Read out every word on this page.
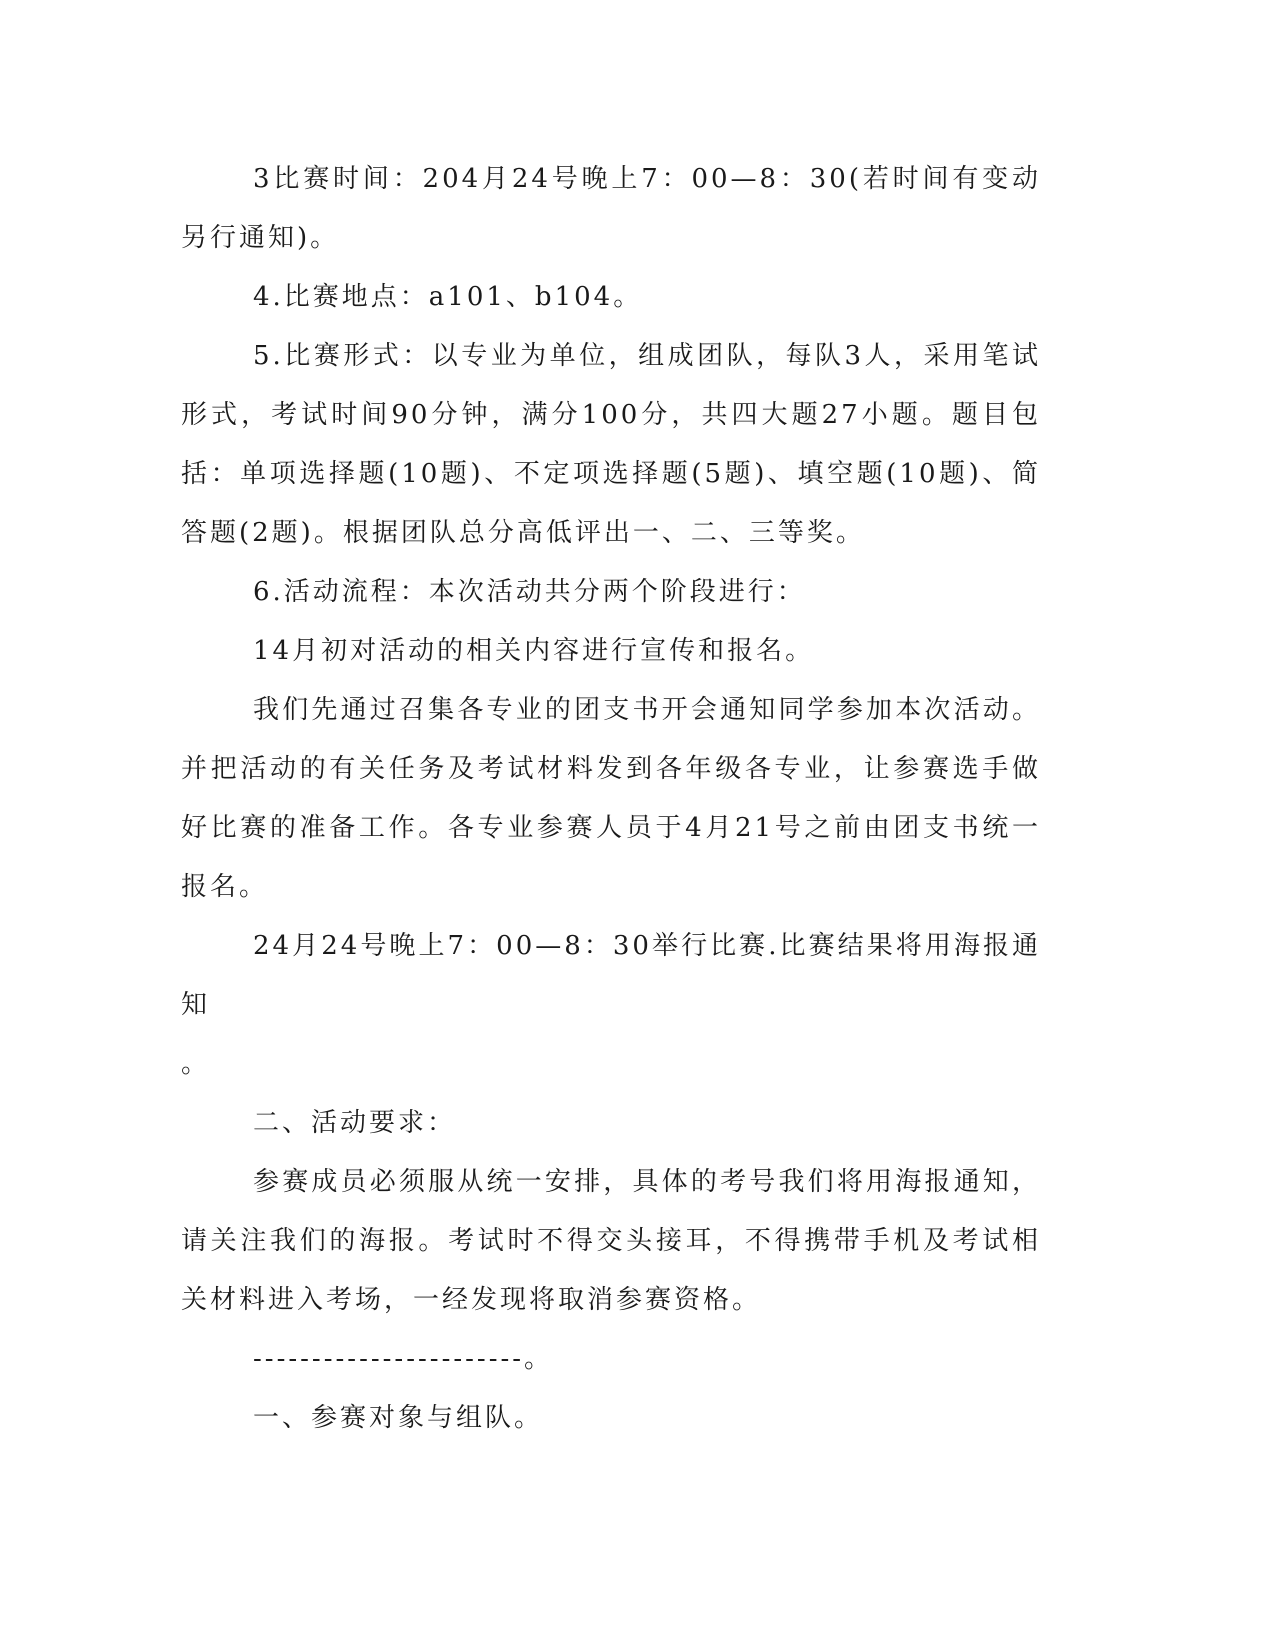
3比赛时间：204月24号晚上7：00—8：30(若时间有变动另行通知)。

4.比赛地点：a101、b104。

5.比赛形式：以专业为单位，组成团队，每队3人，采用笔试形式，考试时间90分钟，满分100分，共四大题27小题。题目包括：单项选择题(10题)、不定项选择题(5题)、填空题(10题)、简答题(2题)。根据团队总分高低评出一、二、三等奖。

6.活动流程：本次活动共分两个阶段进行：

14月初对活动的相关内容进行宣传和报名。

我们先通过召集各专业的团支书开会通知同学参加本次活动。并把活动的有关任务及考试材料发到各年级各专业，让参赛选手做好比赛的准备工作。各专业参赛人员于4月21号之前由团支书统一报名。

24月24号晚上7：00—8：30举行比赛.比赛结果将用海报通知

。

二、活动要求：

参赛成员必须服从统一安排，具体的考号我们将用海报通知，请关注我们的海报。考试时不得交头接耳，不得携带手机及考试相关材料进入考场，一经发现将取消参赛资格。

-----------------------。

一、参赛对象与组队。
